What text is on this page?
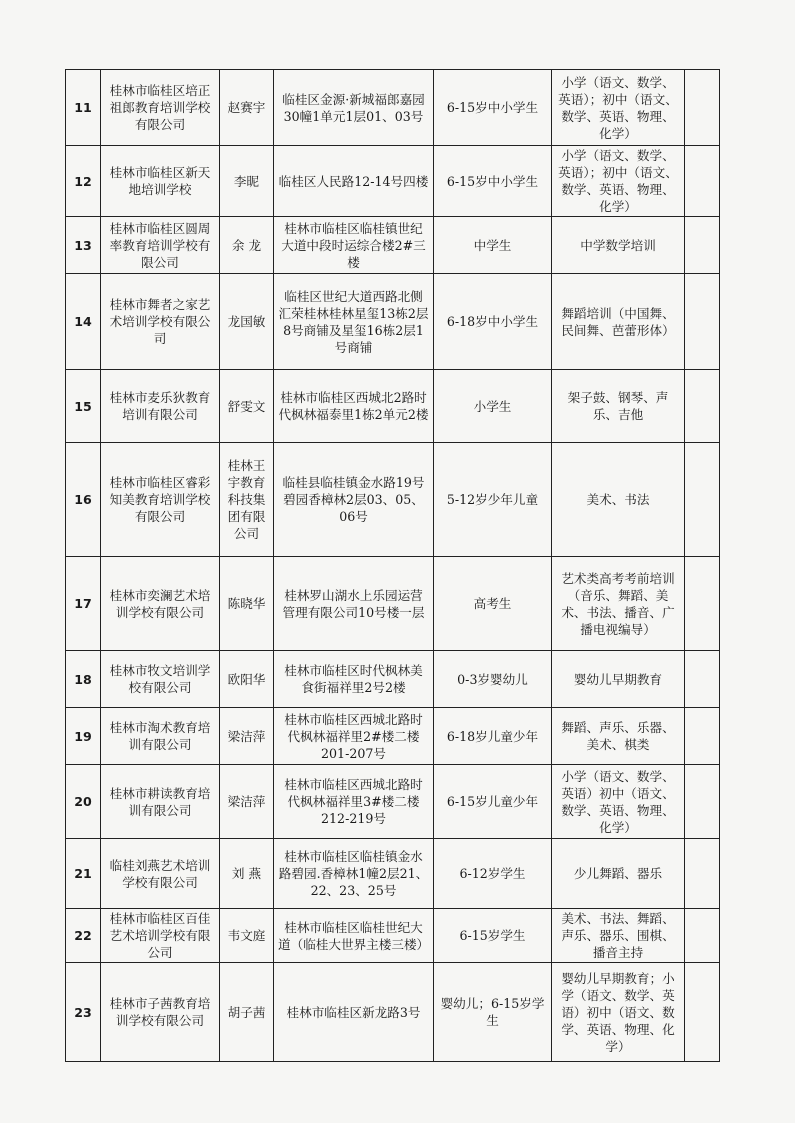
11	桂林市临桂区培正祖郎教育培训学校有限公司	赵赛宇	临桂区金源·新城福郎嘉园30幢1单元1层01、03号	6-15岁中小学生	小学（语文、数学、英语）；初中（语文、数学、英语、物理、化学）	
12	桂林市临桂区新天地培训学校	李昵	临桂区人民路12-14号四楼	6-15岁中小学生	小学（语文、数学、英语）；初中（语文、数学、英语、物理、化学）	
13	桂林市临桂区圆周率教育培训学校有限公司	余 龙	桂林市临桂区临桂镇世纪大道中段时运综合楼2#三楼	中学生	中学数学培训	
14	桂林市舞者之家艺术培训学校有限公司	龙国敏	临桂区世纪大道西路北侧汇荣桂林桂林星玺13栋2层8号商铺及星玺16栋2层1号商铺	6-18岁中小学生	舞蹈培训（中国舞、民间舞、芭蕾形体）	
15	桂林市麦乐狄教育培训有限公司	舒雯文	桂林市临桂区西城北2路时代枫林福泰里1栋2单元2楼	小学生	架子鼓、钢琴、声乐、吉他	
16	桂林市临桂区睿彩知美教育培训学校有限公司	桂林王宇教育科技集团有限公司	临桂县临桂镇金水路19号碧园香樟林2层03、05、06号	5-12岁少年儿童	美术、书法	
17	桂林市奕澜艺术培训学校有限公司	陈晓华	桂林罗山湖水上乐园运营管理有限公司10号楼一层	高考生	艺术类高考考前培训（音乐、舞蹈、美术、书法、播音、广播电视编导）	
18	桂林市牧文培训学校有限公司	欧阳华	桂林市临桂区时代枫林美食街福祥里2号2楼	0-3岁婴幼儿	婴幼儿早期教育	
19	桂林市淘术教育培训有限公司	梁洁萍	桂林市临桂区西城北路时代枫林福祥里2#楼二楼201-207号	6-18岁儿童少年	舞蹈、声乐、乐器、美术、棋类	
20	桂林市耕读教育培训有限公司	梁洁萍	桂林市临桂区西城北路时代枫林福祥里3#楼二楼212-219号	6-15岁儿童少年	小学（语文、数学、英语）初中（语文、数学、英语、物理、化学）	
21	临桂刘燕艺术培训学校有限公司	刘 燕	桂林市临桂区临桂镇金水路碧园.香樟林1幢2层21、22、23、25号	6-12岁学生	少儿舞蹈、器乐	
22	桂林市临桂区百佳艺术培训学校有限公司	韦文庭	桂林市临桂区临桂世纪大道（临桂大世界主楼三楼）	6-15岁学生	美术、书法、舞蹈、声乐、器乐、围棋、播音主持	
23	桂林市子茜教育培训学校有限公司	胡子茜	桂林市临桂区新龙路3号	婴幼儿；6-15岁学生	婴幼儿早期教育；小学（语文、数学、英语）初中（语文、数学、英语、物理、化学）	
